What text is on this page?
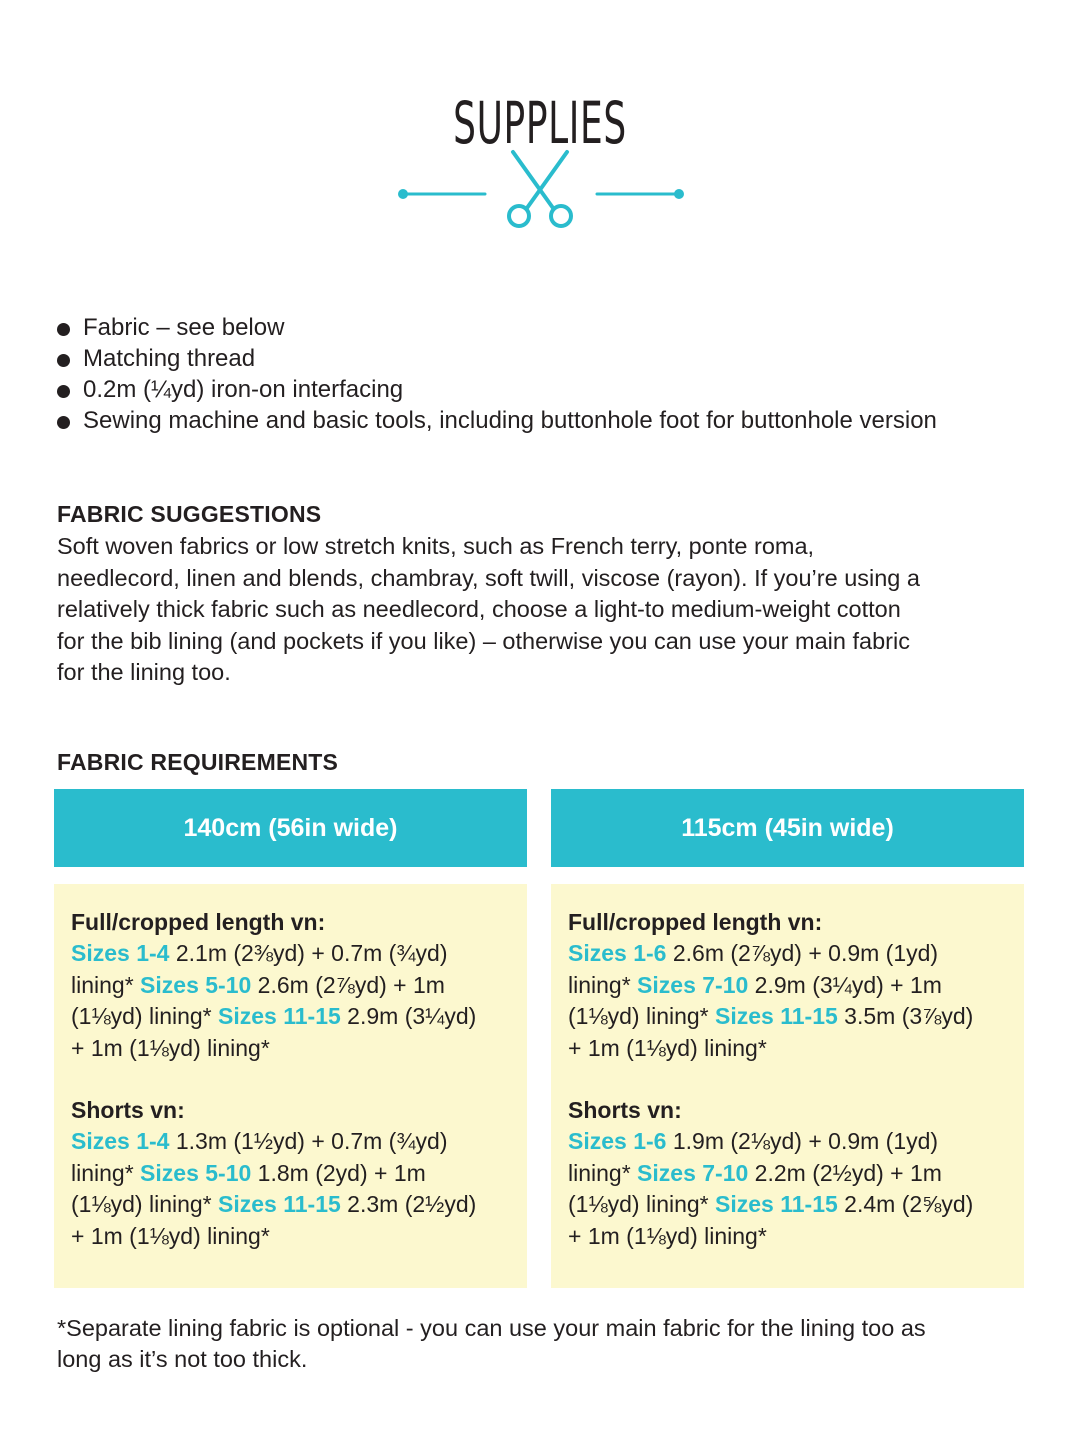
SUPPLIES
Fabric – see below
Matching thread
0.2m (¼yd) iron-on interfacing
Sewing machine and basic tools, including buttonhole foot for buttonhole version
FABRIC SUGGESTIONS

Soft woven fabrics or low stretch knits, such as French terry, ponte roma,

needlecord, linen and blends, chambray, soft twill, viscose (rayon). If you’re using a

relatively thick fabric such as needlecord, choose a light-to medium-weight cotton

for the bib lining (and pockets if you like) – otherwise you can use your main fabric

for the lining too.

FABRIC REQUIREMENTS
140cm (56in wide)	115cm (45in wide)

Full/cropped length vn:

Sizes 1-4 2.1m (2⅜yd) + 0.7m (¾yd)

lining* Sizes 5-10 2.6m (2⅞yd) + 1m

(1⅛yd) lining* Sizes 11-15 2.9m (3¼yd)

+ 1m (1⅛yd) lining*

Shorts vn:

Sizes 1-4 1.3m (1½yd) + 0.7m (¾yd)

lining* Sizes 5-10 1.8m (2yd) + 1m

(1⅛yd) lining* Sizes 11-15 2.3m (2½yd)

+ 1m (1⅛yd) lining*

Full/cropped length vn:

Sizes 1-6 2.6m (2⅞yd) + 0.9m (1yd)

lining* Sizes 7-10 2.9m (3¼yd) + 1m

(1⅛yd) lining* Sizes 11-15 3.5m (3⅞yd)

+ 1m (1⅛yd) lining*

Shorts vn:

Sizes 1-6 1.9m (2⅛yd) + 0.9m (1yd)

lining* Sizes 7-10 2.2m (2½yd) + 1m

(1⅛yd) lining* Sizes 11-15 2.4m (2⅝yd)

+ 1m (1⅛yd) lining*

*Separate lining fabric is optional - you can use your main fabric for the lining too as

long as it’s not too thick.
